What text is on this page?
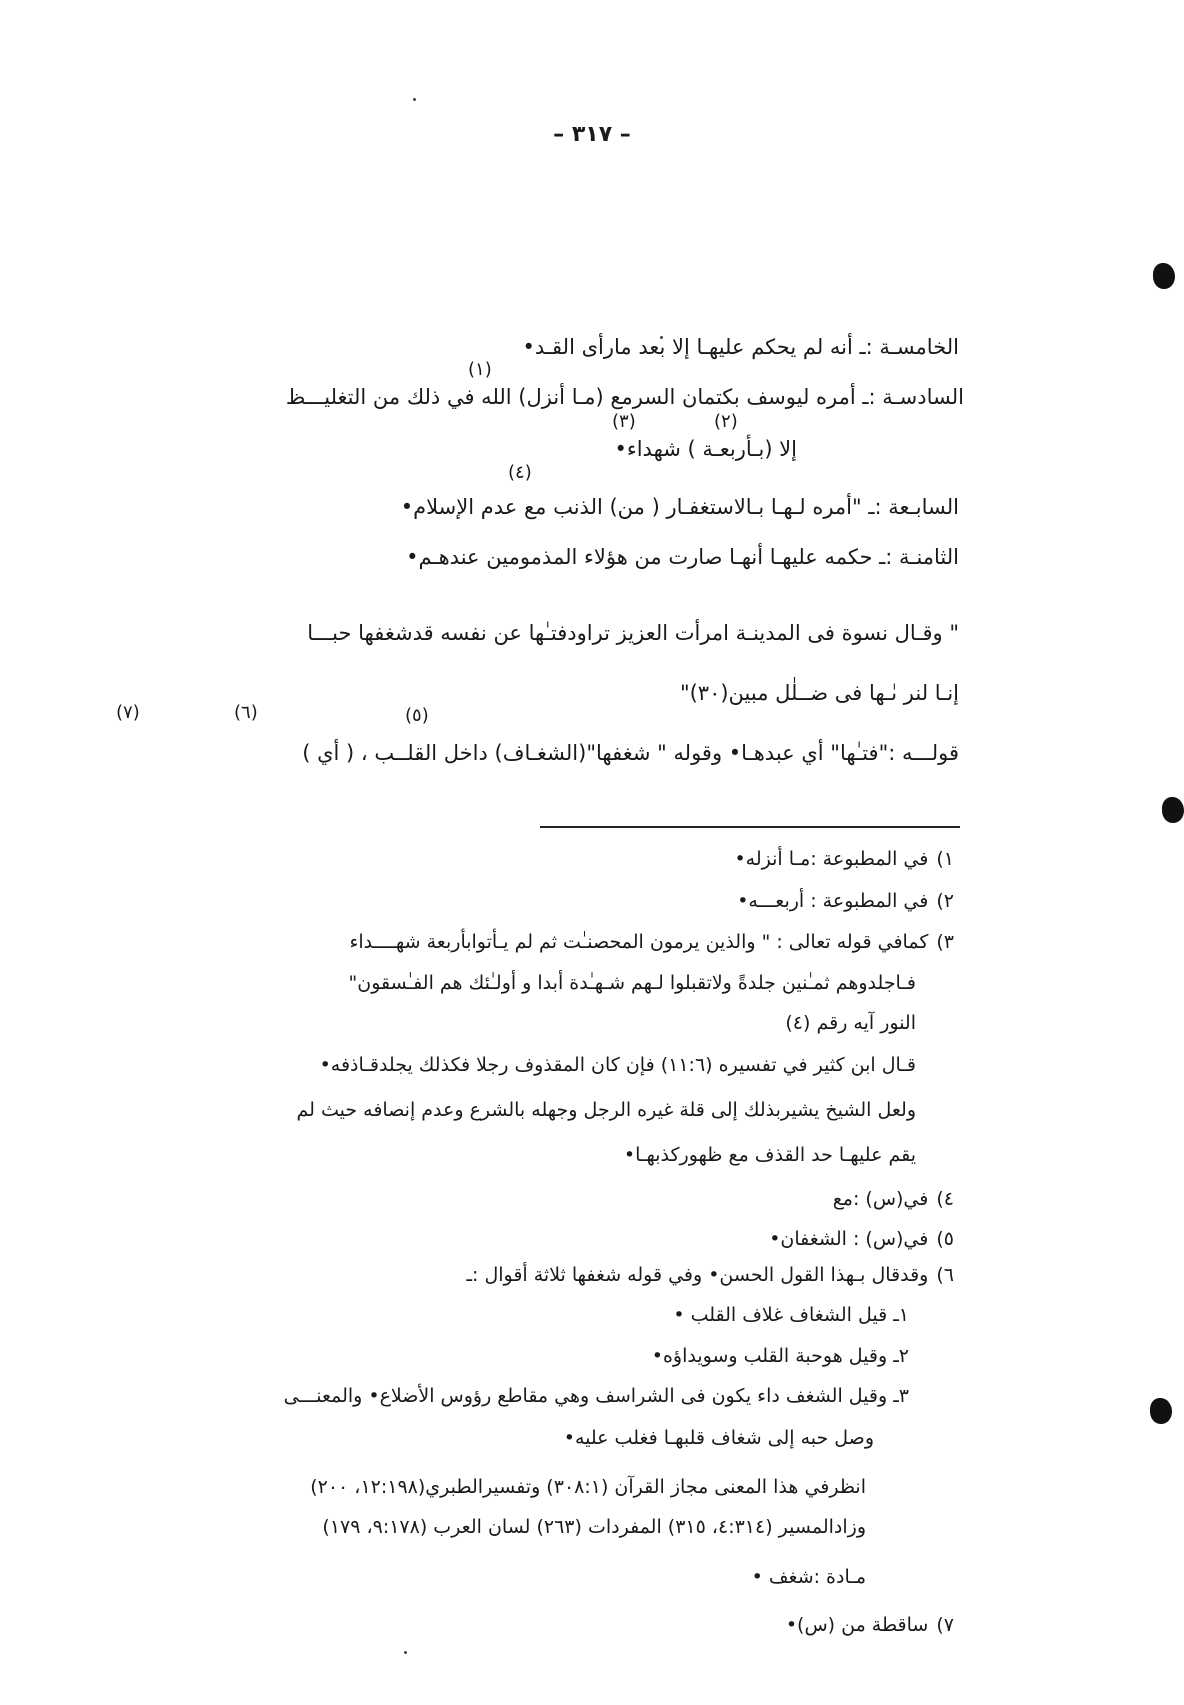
– ٣١٧ –
الخامسـة :ـ أنه لم يحكم عليهـا إلا بعد مارأى القـد•
(١)
السادسـة :ـ أمره ليوسف بكتمان السرمع (مـا أنزل) الله في ذلك من التغليـــظ
(٢)
(٣)
إلا (بـأربعـة ) شهداء•
(٤)
السابـعة :ـ "أمره لـهـا بـالاستغفـار ( من) الذنب مع عدم الإسلام•
الثامنـة :ـ حكمه عليهـا أنهـا صارت من هؤلاء المذمومين عندهـم•
" وقـال نسوة فى المدينـة امرأت العزيز تراودفتـٰها عن نفسه قدشغفها حبـــا
إنـا لنر ىٰـها فى ضــلٰل مبين(٣٠)"
(٥)
(٦)
(٧)
قولـــه :"فتـٰها" أي عبدهـا• وقوله " شغفها"(الشغـاف) داخل القلــب ، ( أي )
١)في المطبوعة :مـا أنزله•
٢)في المطبوعة : أربعـــه•
٣)كمافي قوله تعالى : " والذين يرمون المحصنـٰت ثم لم يـأتوابأربعة شهــــداء
فـاجلدوهم ثمـٰنين جلدةً ولاتقبلوا لـهم شـهـٰدة أبدا و أولـٰئك هم الفـٰسقون"
النور آيه رقم (٤)
قـال ابن كثير في تفسيره (١١:٦) فإن كان المقذوف رجلا فكذلك يجلدقـاذفه•
ولعل الشيخ يشيربذلك إلى قلة غيره الرجل وجهله بالشرع وعدم إنصافه حيث لم
يقم عليهـا حد القذف مع ظهوركذبهـا•
٤)في(س) :مع
٥)في(س) : الشغفان•
٦)وقدقال بـهذا القول الحسن• وفي قوله شغفها ثلاثة أقوال :ـ
١ـ قيل الشغاف غلاف القلب •
٢ـ وقيل هوحبة القلب وسويداؤه•
٣ـ وقيل الشغف داء يكون فى الشراسف وهي مقاطع رؤوس الأضلاع• والمعنـــى
وصل حبه إلى شغاف قلبهـا فغلب عليه•
انظرفي هذا المعنى مجاز القرآن (٣٠٨:١) وتفسيرالطبري(١٢:١٩٨، ٢٠٠)
وزادالمسير (٤:٣١٤، ٣١٥) المفردات (٢٦٣) لسان العرب (٩:١٧٨، ١٧٩)
مـادة :شغف •
٧)ساقطة من (س)•
